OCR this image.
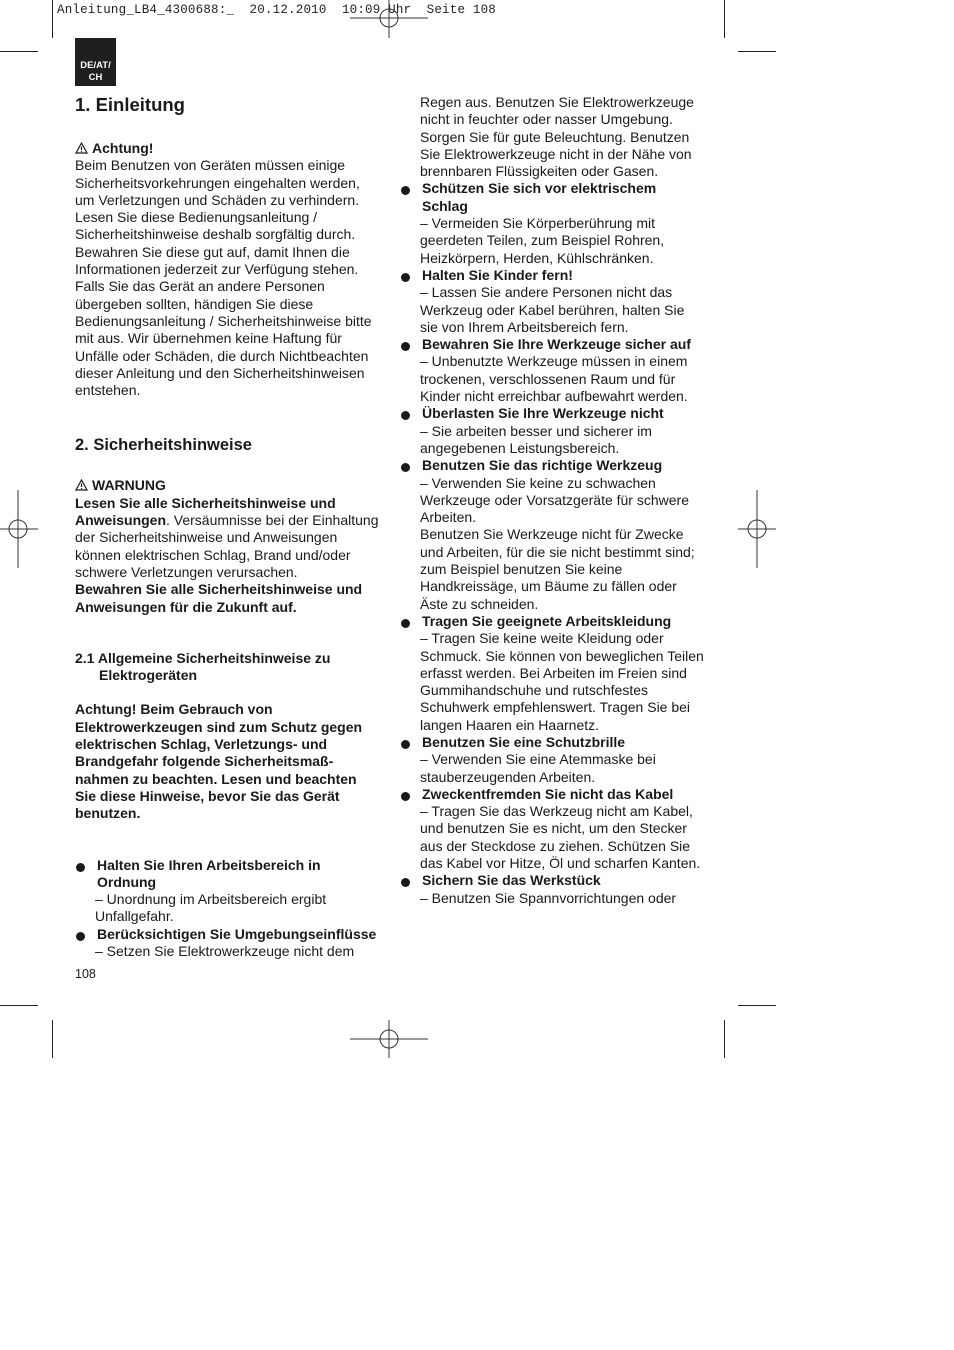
Anleitung_LB4_4300688:_  20.12.2010  10:09 Uhr  Seite 108
DE/AT/
CH
1. Einleitung

Achtung!

Beim Benutzen von Geräten müssen einige Sicherheitsvorkehrungen eingehalten werden, um Verletzungen und Schäden zu verhindern. Lesen Sie diese Bedienungsanleitung / Sicherheitshinweise deshalb sorgfältig durch. Bewahren Sie diese gut auf, damit Ihnen die Informationen jederzeit zur Verfügung stehen. Falls Sie das Gerät an andere Personen übergeben sollten, händigen Sie diese Bedienungsanleitung / Sicherheitshinweise bitte mit aus. Wir übernehmen keine Haftung für Unfälle oder Schäden, die durch Nichtbeachten dieser Anleitung und den Sicherheitshinweisen entstehen.

2. Sicherheitshinweise

WARNUNG

Lesen Sie alle Sicherheitshinweise und Anweisungen. Versäumnisse bei der Einhaltung der Sicherheitshinweise und Anweisungen können elektrischen Schlag, Brand und/oder schwere Verletzungen verursachen.

Bewahren Sie alle Sicherheitshinweise und Anweisungen für die Zukunft auf.

2.1 Allgemeine Sicherheitshinweise zu Elektrogeräten

Achtung! Beim Gebrauch von Elektrowerkzeugen sind zum Schutz gegen elektrischen Schlag, Verletzungs- und Brandgefahr folgende Sicherheitsmaß-nahmen zu beachten. Lesen und beachten Sie diese Hinweise, bevor Sie das Gerät benutzen.

Halten Sie Ihren Arbeitsbereich in Ordnung
– Unordnung im Arbeitsbereich ergibt Unfallgefahr.
Berücksichtigen Sie Umgebungseinflüsse
– Setzen Sie Elektrowerkzeuge nicht dem

Regen aus. Benutzen Sie Elektrowerkzeuge nicht in feuchter oder nasser Umgebung. Sorgen Sie für gute Beleuchtung. Benutzen Sie Elektrowerkzeuge nicht in der Nähe von brennbaren Flüssigkeiten oder Gasen.

Schützen Sie sich vor elektrischem Schlag
– Vermeiden Sie Körperberührung mit geerdeten Teilen, zum Beispiel Rohren, Heizkörpern, Herden, Kühlschränken.
Halten Sie Kinder fern!
– Lassen Sie andere Personen nicht das Werkzeug oder Kabel berühren, halten Sie sie von Ihrem Arbeitsbereich fern.
Bewahren Sie Ihre Werkzeuge sicher auf
– Unbenutzte Werkzeuge müssen in einem trockenen, verschlossenen Raum und für Kinder nicht erreichbar aufbewahrt werden.
Überlasten Sie Ihre Werkzeuge nicht
– Sie arbeiten besser und sicherer im angegebenen Leistungsbereich.
Benutzen Sie das richtige Werkzeug
– Verwenden Sie keine zu schwachen Werkzeuge oder Vorsatzgeräte für schwere Arbeiten.
Benutzen Sie Werkzeuge nicht für Zwecke und Arbeiten, für die sie nicht bestimmt sind; zum Beispiel benutzen Sie keine Handkreissäge, um Bäume zu fällen oder Äste zu schneiden.
Tragen Sie geeignete Arbeitskleidung
– Tragen Sie keine weite Kleidung oder Schmuck. Sie können von beweglichen Teilen erfasst werden. Bei Arbeiten im Freien sind Gummihandschuhe und rutschfestes Schuhwerk empfehlenswert. Tragen Sie bei langen Haaren ein Haarnetz.
Benutzen Sie eine Schutzbrille
– Verwenden Sie eine Atemmaske bei stauberzeugenden Arbeiten.
Zweckentfremden Sie nicht das Kabel
– Tragen Sie das Werkzeug nicht am Kabel, und benutzen Sie es nicht, um den Stecker aus der Steckdose zu ziehen. Schützen Sie das Kabel vor Hitze, Öl und scharfen Kanten.
Sichern Sie das Werkstück
– Benutzen Sie Spannvorrichtungen oder
108
